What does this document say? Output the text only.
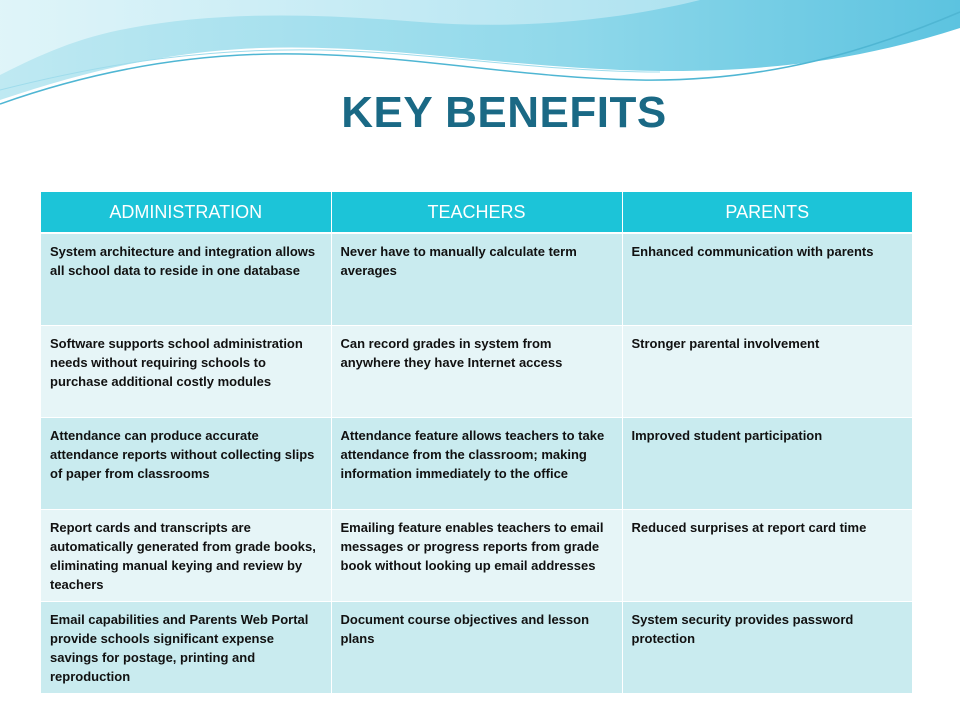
KEY BENEFITS
ADMINISTRATION	TEACHERS	PARENTS
System architecture and integration allows all school data to reside in one database	Never have to manually calculate term averages	Enhanced communication with parents
Software supports school administration needs without requiring schools to purchase additional costly modules	Can record grades in system from anywhere they have Internet access	Stronger parental involvement
Attendance can produce accurate attendance reports without collecting slips of paper from classrooms	Attendance feature allows teachers to take attendance from the classroom; making information immediately to the office	Improved student participation
Report cards and transcripts are automatically generated from grade books, eliminating manual keying and review by teachers	Emailing feature enables teachers to email messages or progress reports from grade book without looking up email addresses	Reduced surprises at report card time
Email capabilities and Parents Web Portal provide schools significant expense savings for postage, printing and reproduction	Document course objectives and lesson plans	System security provides password protection
